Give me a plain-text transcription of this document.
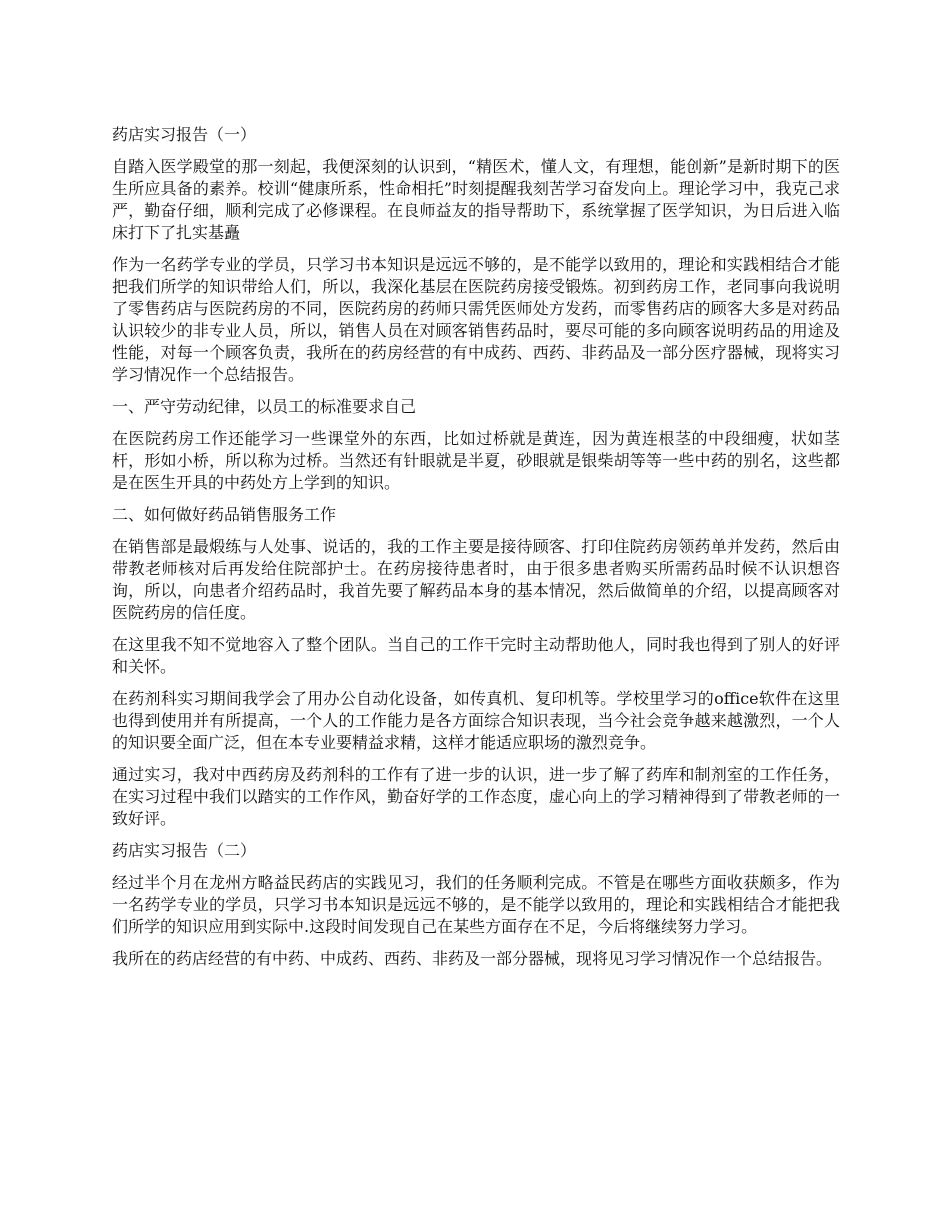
药店实习报告（一）

自踏入医学殿堂的那一刻起，我便深刻的认识到，“精医术，懂人文，有理想，能创新”是新时期下的医生所应具备的素养。校训“健康所系，性命相托”时刻提醒我刻苦学习奋发向上。理论学习中，我克己求严，勤奋仔细，顺利完成了必修课程。在良师益友的指导帮助下，系统掌握了医学知识，为日后进入临床打下了扎实基矗

作为一名药学专业的学员，只学习书本知识是远远不够的，是不能学以致用的，理论和实践相结合才能把我们所学的知识带给人们，所以，我深化基层在医院药房接受锻炼。初到药房工作，老同事向我说明了零售药店与医院药房的不同，医院药房的药师只需凭医师处方发药，而零售药店的顾客大多是对药品认识较少的非专业人员，所以，销售人员在对顾客销售药品时，要尽可能的多向顾客说明药品的用途及性能，对每一个顾客负责，我所在的药房经营的有中成药、西药、非药品及一部分医疗器械，现将实习学习情况作一个总结报告。

一、严守劳动纪律，以员工的标准要求自己

在医院药房工作还能学习一些课堂外的东西，比如过桥就是黄连，因为黄连根茎的中段细瘦，状如茎杆，形如小桥，所以称为过桥。当然还有针眼就是半夏，砂眼就是银柴胡等等一些中药的别名，这些都是在医生开具的中药处方上学到的知识。

二、如何做好药品销售服务工作

在销售部是最煅练与人处事、说话的，我的工作主要是接待顾客、打印住院药房领药单并发药，然后由带教老师核对后再发给住院部护士。在药房接待患者时，由于很多患者购买所需药品时候不认识想咨询，所以，向患者介绍药品时，我首先要了解药品本身的基本情况，然后做简单的介绍，以提高顾客对医院药房的信任度。

在这里我不知不觉地容入了整个团队。当自己的工作干完时主动帮助他人，同时我也得到了别人的好评和关怀。

在药剂科实习期间我学会了用办公自动化设备，如传真机、复印机等。学校里学习的office软件在这里也得到使用并有所提高，一个人的工作能力是各方面综合知识表现，当今社会竞争越来越激烈，一个人的知识要全面广泛，但在本专业要精益求精，这样才能适应职场的激烈竞争。

通过实习，我对中西药房及药剂科的工作有了进一步的认识，进一步了解了药库和制剂室的工作任务，在实习过程中我们以踏实的工作作风，勤奋好学的工作态度，虚心向上的学习精神得到了带教老师的一致好评。

药店实习报告（二）

经过半个月在龙州方略益民药店的实践见习，我们的任务顺利完成。不管是在哪些方面收获颇多，作为一名药学专业的学员，只学习书本知识是远远不够的，是不能学以致用的，理论和实践相结合才能把我们所学的知识应用到实际中.这段时间发现自己在某些方面存在不足，今后将继续努力学习。

我所在的药店经营的有中药、中成药、西药、非药及一部分器械，现将见习学习情况作一个总结报告。
